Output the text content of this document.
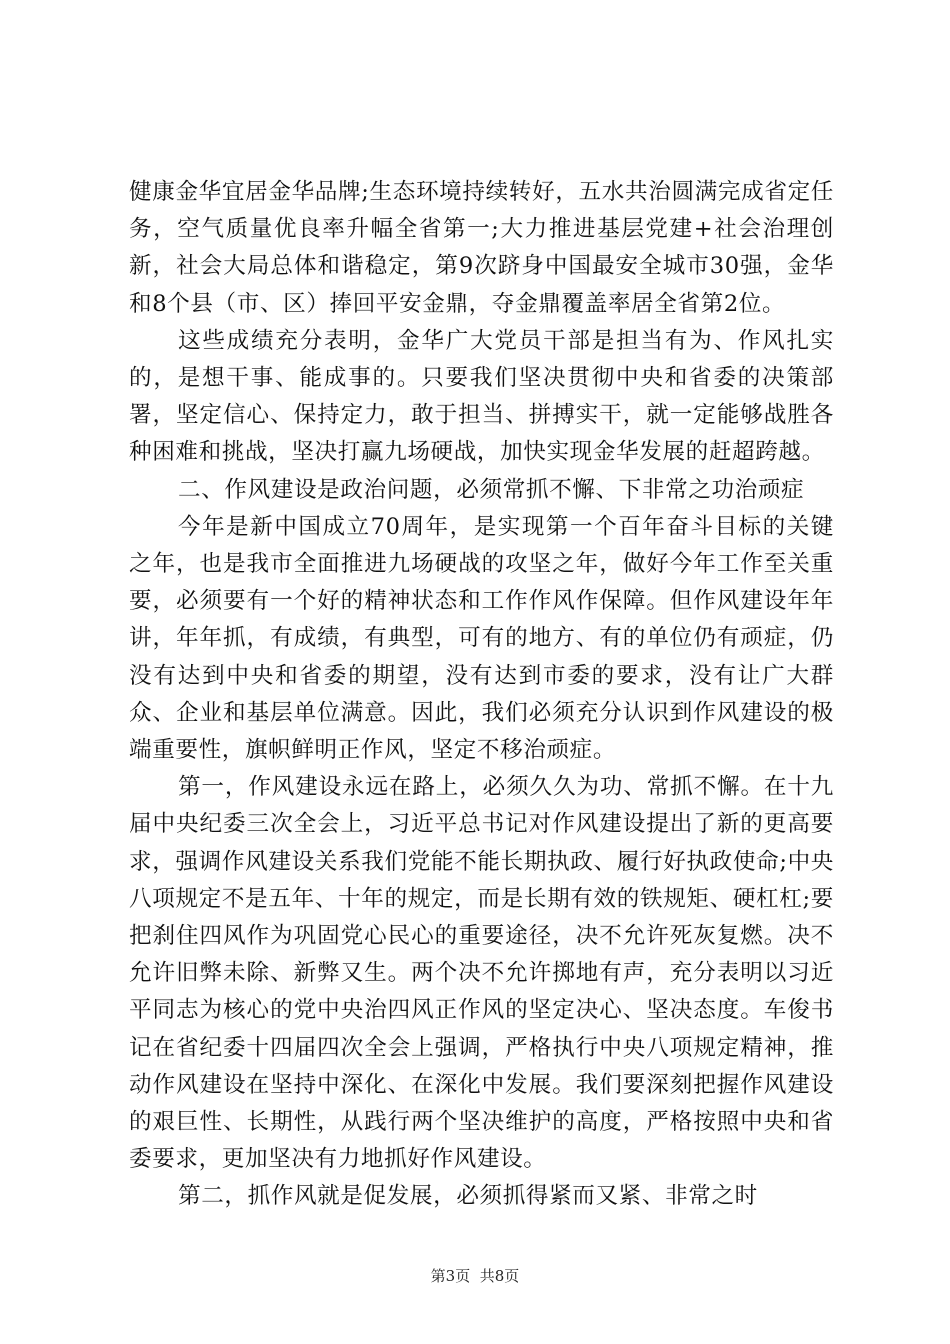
健康金华宜居金华品牌;生态环境持续转好，五水共治圆满完成省定任务，空气质量优良率升幅全省第一;大力推进基层党建+社会治理创新，社会大局总体和谐稳定，第9次跻身中国最安全城市30强，金华和8个县（市、区）捧回平安金鼎，夺金鼎覆盖率居全省第2位。

这些成绩充分表明，金华广大党员干部是担当有为、作风扎实的，是想干事、能成事的。只要我们坚决贯彻中央和省委的决策部署，坚定信心、保持定力，敢于担当、拼搏实干，就一定能够战胜各种困难和挑战，坚决打赢九场硬战，加快实现金华发展的赶超跨越。

二、作风建设是政治问题，必须常抓不懈、下非常之功治顽症

今年是新中国成立70周年，是实现第一个百年奋斗目标的关键之年，也是我市全面推进九场硬战的攻坚之年，做好今年工作至关重要，必须要有一个好的精神状态和工作作风作保障。但作风建设年年讲，年年抓，有成绩，有典型，可有的地方、有的单位仍有顽症，仍没有达到中央和省委的期望，没有达到市委的要求，没有让广大群众、企业和基层单位满意。因此，我们必须充分认识到作风建设的极端重要性，旗帜鲜明正作风，坚定不移治顽症。

第一，作风建设永远在路上，必须久久为功、常抓不懈。在十九届中央纪委三次全会上，习近平总书记对作风建设提出了新的更高要求，强调作风建设关系我们党能不能长期执政、履行好执政使命;中央八项规定不是五年、十年的规定，而是长期有效的铁规矩、硬杠杠;要把刹住四风作为巩固党心民心的重要途径，决不允许死灰复燃。决不允许旧弊未除、新弊又生。两个决不允许掷地有声，充分表明以习近平同志为核心的党中央治四风正作风的坚定决心、坚决态度。车俊书记在省纪委十四届四次全会上强调，严格执行中央八项规定精神，推动作风建设在坚持中深化、在深化中发展。我们要深刻把握作风建设的艰巨性、长期性，从践行两个坚决维护的高度，严格按照中央和省委要求，更加坚决有力地抓好作风建设。

第二，抓作风就是促发展，必须抓得紧而又紧、非常之时

第3页 共8页
